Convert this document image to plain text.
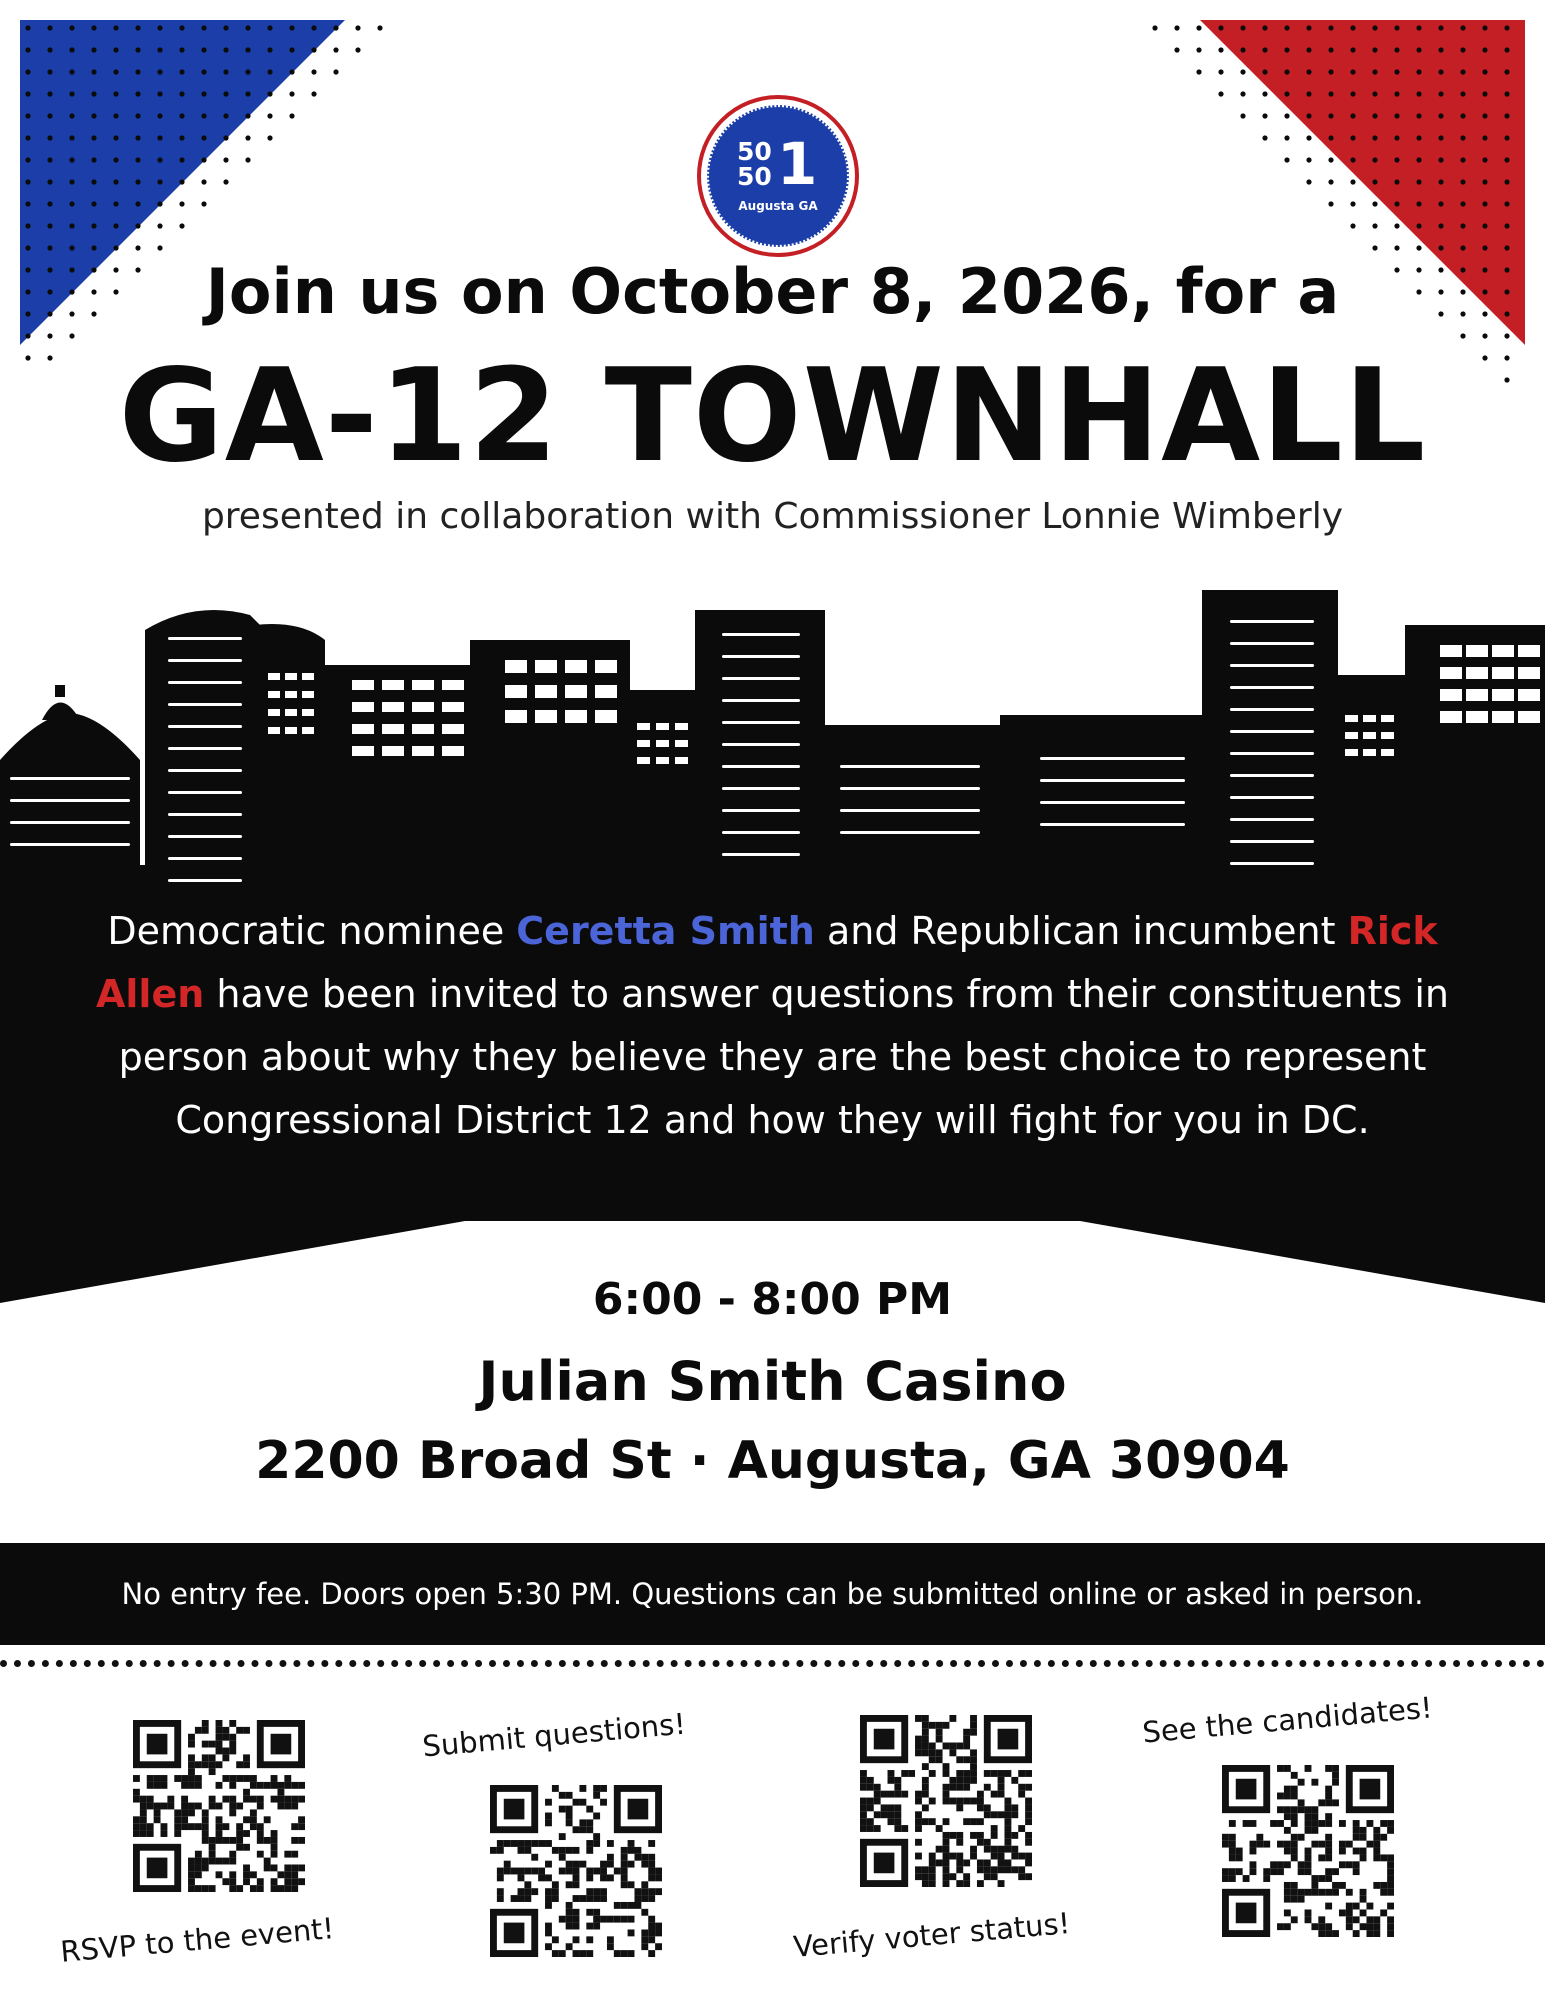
50
50 1
Augusta GA
Join us on October 8, 2026, for a
GA-12 TOWNHALL
presented in collaboration with Commissioner Lonnie Wimberly
Democratic nominee Ceretta Smith and Republican incumbent Rick Allen have been invited to answer questions from their constituents in person about why they believe they are the best choice to represent Congressional District 12 and how they will fight for you in DC.
6:00 - 8:00 PM
Julian Smith Casino
2200 Broad St · Augusta, GA 30904
No entry fee. Doors open 5:30 PM. Questions can be submitted online or asked in person.
RSVP to the event!
Submit questions!
Verify voter status!
See the candidates!
